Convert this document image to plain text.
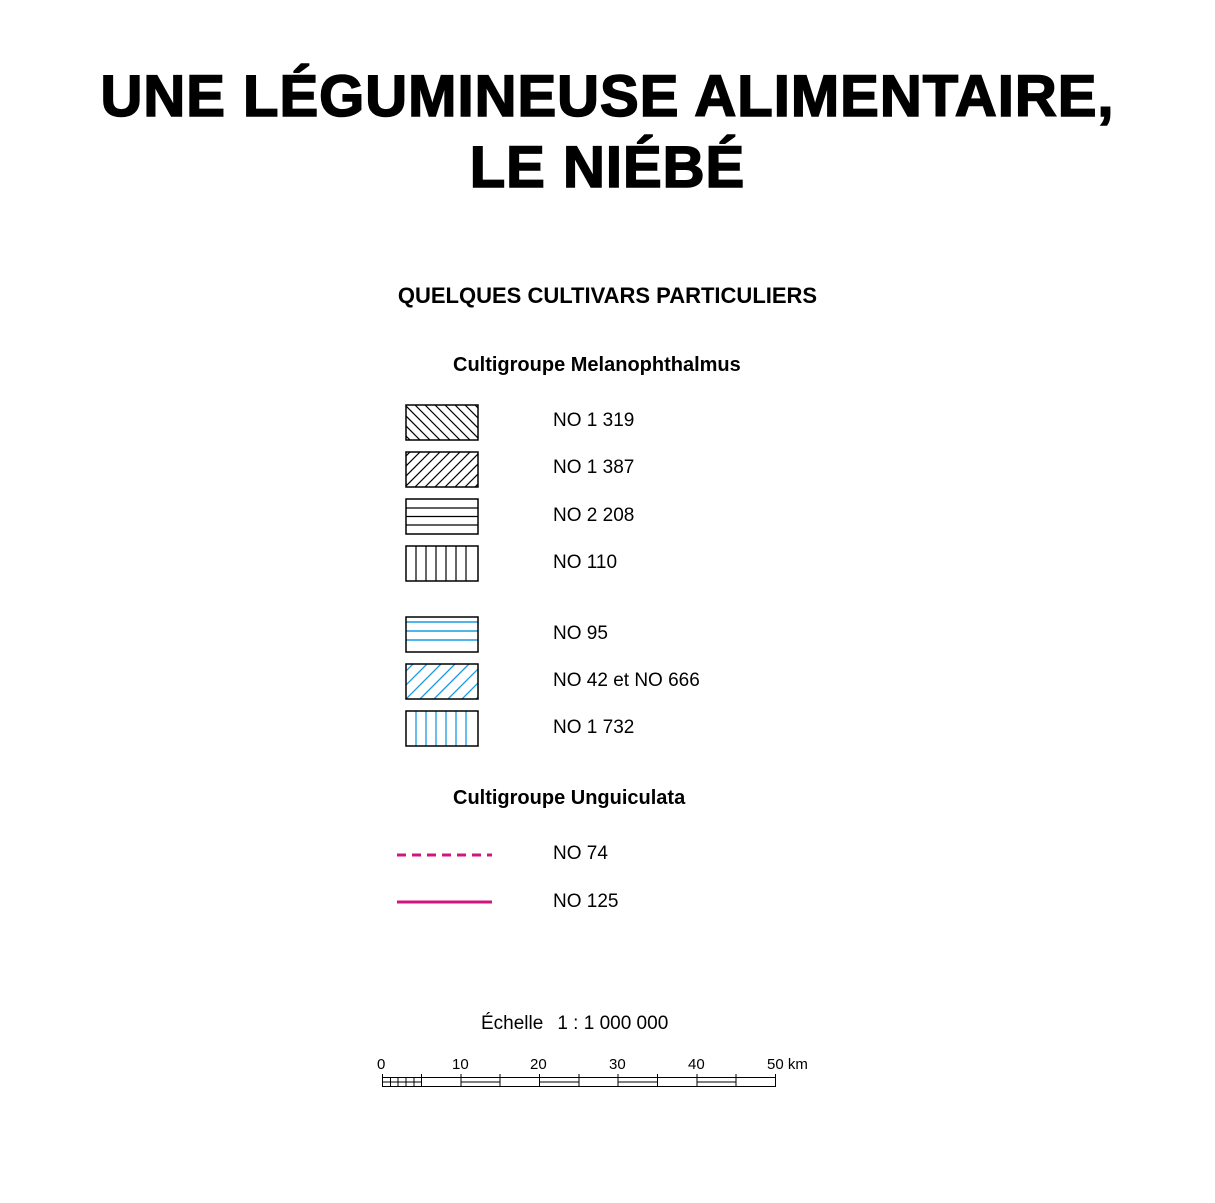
UNE LÉGUMINEUSE ALIMENTAIRE,
LE NIÉBÉ
QUELQUES CULTIVARS PARTICULIERS
Cultigroupe Melanophthalmus
NO 1 319
NO 1 387
NO 2 208
NO 110
NO 95
NO 42 et NO 666
NO 1 732
Cultigroupe Unguiculata
NO 74
NO 125
Échelle 1 : 1 000 000
0	10	20	30	40	50 km
